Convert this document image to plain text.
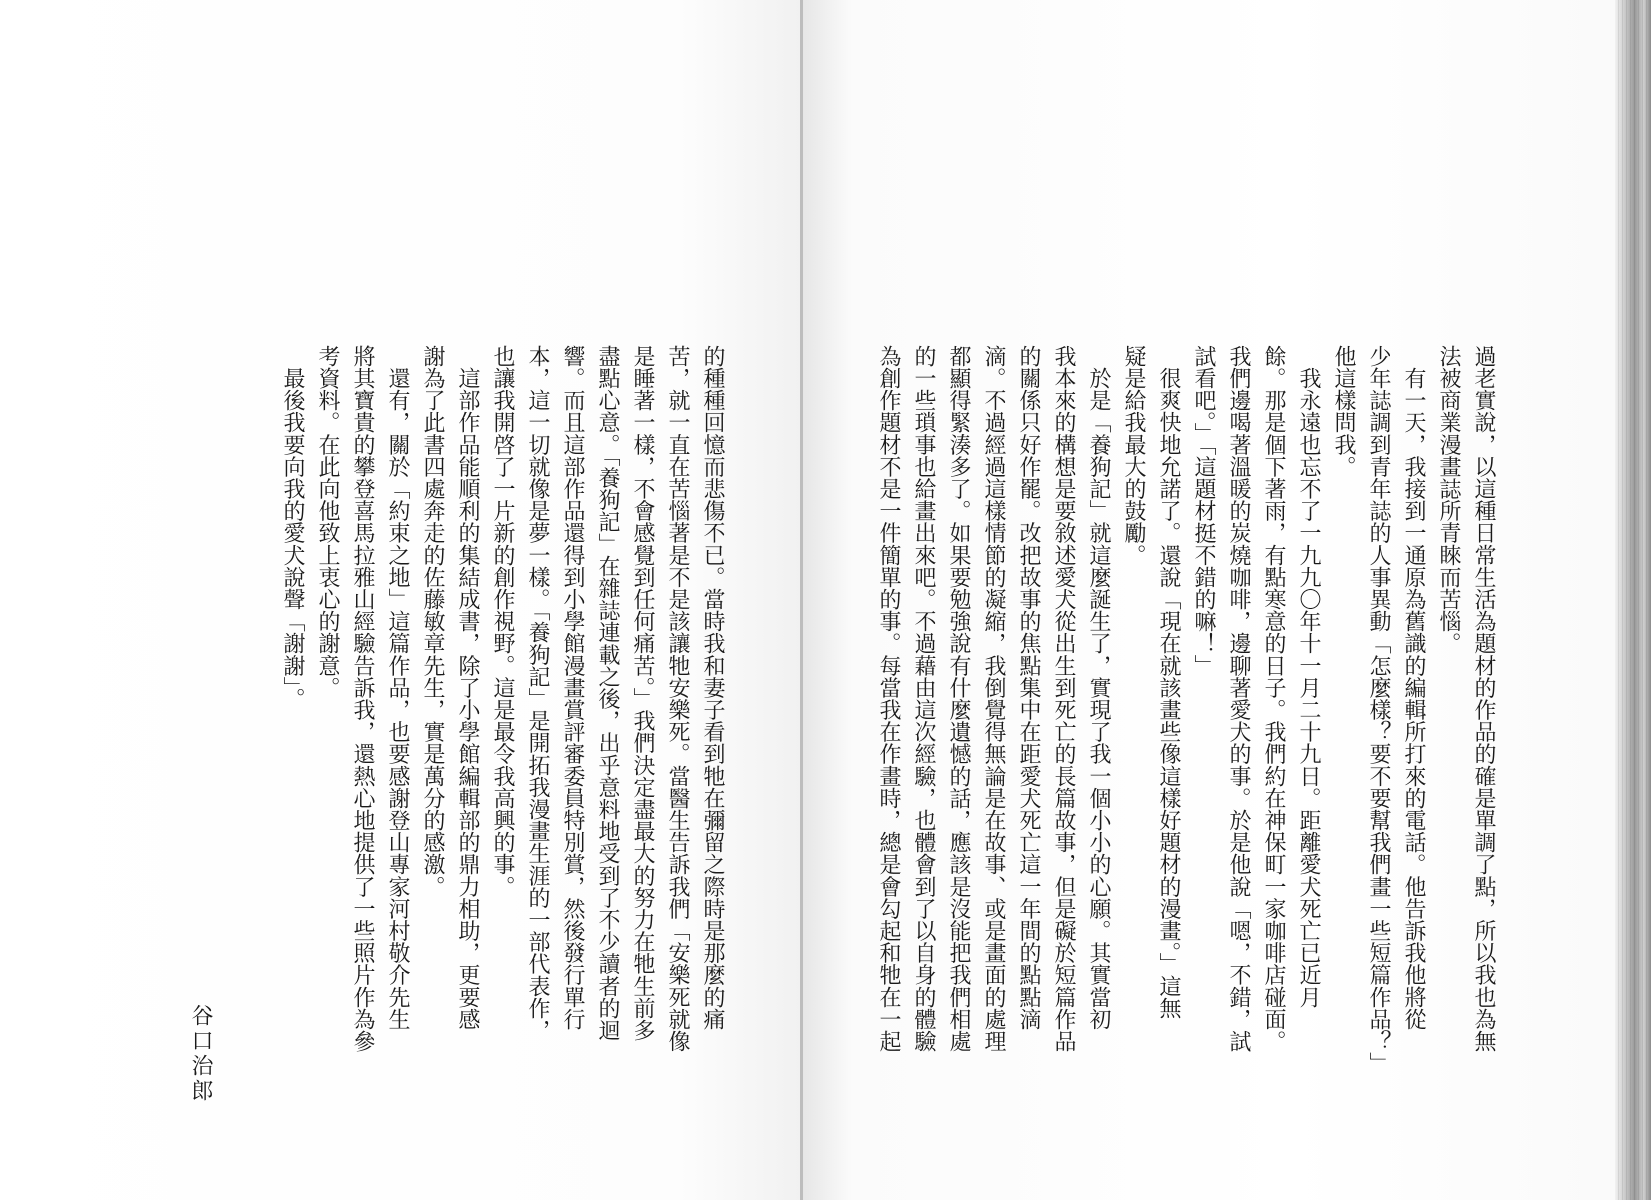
的種種回憶而悲傷不已。當時我和妻子看到牠在彌留之際時是那麼的痛

苦，就一直在苦惱著是不是該讓牠安樂死。當醫生告訴我們「安樂死就像

是睡著一樣，不會感覺到任何痛苦。」我們決定盡最大的努力在牠生前多

盡點心意。「養狗記」在雜誌連載之後，出乎意料地受到了不少讀者的迴

響。而且這部作品還得到小學館漫畫賞評審委員特別賞，然後發行單行

本，這一切就像是夢一樣。「養狗記」是開拓我漫畫生涯的一部代表作，

也讓我開啓了一片新的創作視野。這是最令我高興的事。

　這部作品能順利的集結成書，除了小學館編輯部的鼎力相助，更要感

謝為了此書四處奔走的佐藤敏章先生，實是萬分的感激。

　還有，關於「約束之地」這篇作品，也要感謝登山專家河村敬介先生

將其寶貴的攀登喜馬拉雅山經驗告訴我，還熱心地提供了一些照片作為參

考資料。在此向他致上衷心的謝意。

　最後我要向我的愛犬說聲「謝謝」。

谷口治郎

過老實說，以這種日常生活為題材的作品的確是單調了點，所以我也為無

法被商業漫畫誌所青睞而苦惱。

　有一天，我接到一通原為舊識的編輯所打來的電話。他告訴我他將從

少年誌調到青年誌的人事異動「怎麼樣？要不要幫我們畫一些短篇作品？」

他這樣問我。

　我永遠也忘不了一九九〇年十一月二十九日。距離愛犬死亡已近月

餘。那是個下著雨，有點寒意的日子。我們約在神保町一家咖啡店碰面。

我們邊喝著溫暖的炭燒咖啡，邊聊著愛犬的事。於是他說「嗯，不錯，試

試看吧。」「這題材挺不錯的嘛！」

　很爽快地允諾了。還說「現在就該畫些像這樣好題材的漫畫。」這無

疑是給我最大的鼓勵。

　於是「養狗記」就這麼誕生了，實現了我一個小小的心願。其實當初

我本來的構想是要敘述愛犬從出生到死亡的長篇故事，但是礙於短篇作品

的關係只好作罷。改把故事的焦點集中在距愛犬死亡這一年間的點點滴

滴。不過經過這樣情節的凝縮，我倒覺得無論是在故事、或是畫面的處理

都顯得緊湊多了。如果要勉強說有什麼遺憾的話，應該是沒能把我們相處

的一些瑣事也給畫出來吧。不過藉由這次經驗，也體會到了以自身的體驗

為創作題材不是一件簡單的事。每當我在作畫時，總是會勾起和牠在一起
